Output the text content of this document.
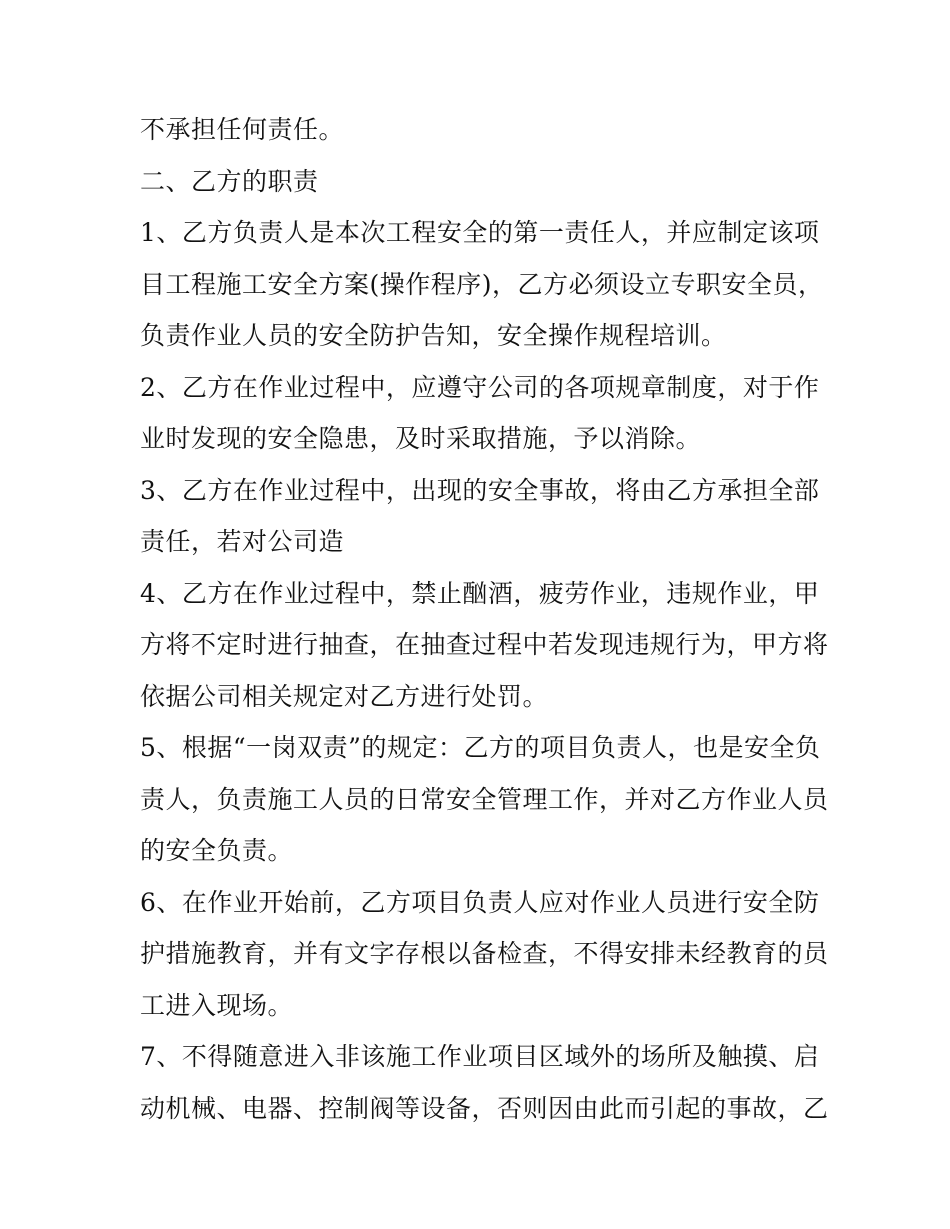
不承担任何责任。
二、乙方的职责
1、乙方负责人是本次工程安全的第一责任人，并应制定该项
目工程施工安全方案(操作程序)，乙方必须设立专职安全员，
负责作业人员的安全防护告知，安全操作规程培训。
2、乙方在作业过程中，应遵守公司的各项规章制度，对于作
业时发现的安全隐患，及时采取措施，予以消除。
3、乙方在作业过程中，出现的安全事故，将由乙方承担全部
责任，若对公司造
4、乙方在作业过程中，禁止酗酒，疲劳作业，违规作业，甲
方将不定时进行抽查，在抽查过程中若发现违规行为，甲方将
依据公司相关规定对乙方进行处罚。
5、根据“一岗双责”的规定：乙方的项目负责人，也是安全负
责人，负责施工人员的日常安全管理工作，并对乙方作业人员
的安全负责。
6、在作业开始前，乙方项目负责人应对作业人员进行安全防
护措施教育，并有文字存根以备检查，不得安排未经教育的员
工进入现场。
7、不得随意进入非该施工作业项目区域外的场所及触摸、启
动机械、电器、控制阀等设备，否则因由此而引起的事故，乙
